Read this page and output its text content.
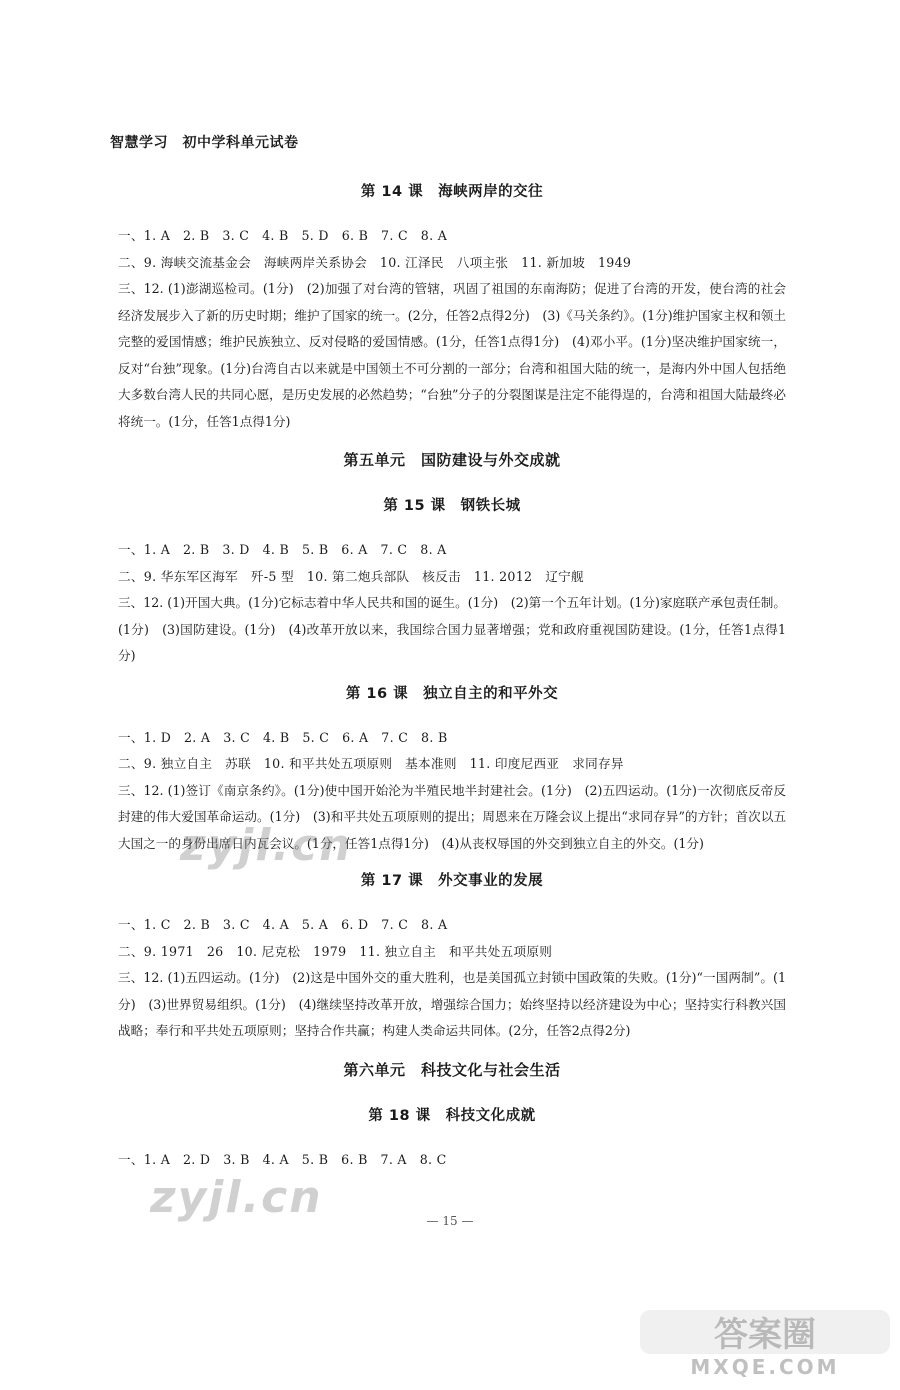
智慧学习　初中学科单元试卷
第 14 课　海峡两岸的交往

一、1. A　2. B　3. C　4. B　5. D　6. B　7. C　8. A

二、9. 海峡交流基金会　海峡两岸关系协会　10. 江泽民　八项主张　11. 新加坡　1949

三、12. (1)澎湖巡检司。(1分)　(2)加强了对台湾的管辖，巩固了祖国的东南海防；促进了台湾的开发，使台湾的社会经济发展步入了新的历史时期；维护了国家的统一。(2分，任答2点得2分)　(3)《马关条约》。(1分)维护国家主权和领土完整的爱国情感；维护民族独立、反对侵略的爱国情感。(1分，任答1点得1分)　(4)邓小平。(1分)坚决维护国家统一，反对“台独”现象。(1分)台湾自古以来就是中国领土不可分割的一部分；台湾和祖国大陆的统一，是海内外中国人包括绝大多数台湾人民的共同心愿，是历史发展的必然趋势；“台独”分子的分裂图谋是注定不能得逞的，台湾和祖国大陆最终必将统一。(1分，任答1点得1分)

第五单元　国防建设与外交成就
第 15 课　钢铁长城

一、1. A　2. B　3. D　4. B　5. B　6. A　7. C　8. A

二、9. 华东军区海军　歼-5 型　10. 第二炮兵部队　核反击　11. 2012　辽宁舰

三、12. (1)开国大典。(1分)它标志着中华人民共和国的诞生。(1分)　(2)第一个五年计划。(1分)家庭联产承包责任制。(1分)　(3)国防建设。(1分)　(4)改革开放以来，我国综合国力显著增强；党和政府重视国防建设。(1分，任答1点得1分)

第 16 课　独立自主的和平外交

一、1. D　2. A　3. C　4. B　5. C　6. A　7. C　8. B

二、9. 独立自主　苏联　10. 和平共处五项原则　基本准则　11. 印度尼西亚　求同存异

三、12. (1)签订《南京条约》。(1分)使中国开始沦为半殖民地半封建社会。(1分)　(2)五四运动。(1分)一次彻底反帝反封建的伟大爱国革命运动。(1分)　(3)和平共处五项原则的提出；周恩来在万隆会议上提出“求同存异”的方针；首次以五大国之一的身份出席日内瓦会议。(1分，任答1点得1分)　(4)从丧权辱国的外交到独立自主的外交。(1分)

第 17 课　外交事业的发展

一、1. C　2. B　3. C　4. A　5. A　6. D　7. C　8. A

二、9. 1971　26　10. 尼克松　1979　11. 独立自主　和平共处五项原则

三、12. (1)五四运动。(1分)　(2)这是中国外交的重大胜利，也是美国孤立封锁中国政策的失败。(1分)“一国两制”。(1分)　(3)世界贸易组织。(1分)　(4)继续坚持改革开放，增强综合国力；始终坚持以经济建设为中心；坚持实行科教兴国战略；奉行和平共处五项原则；坚持合作共赢；构建人类命运共同体。(2分，任答2点得2分)

第六单元　科技文化与社会生活
第 18 课　科技文化成就

一、1. A　2. D　3. B　4. A　5. B　6. B　7. A　8. C

— 15 —
zyjl.cn
zyjl.cn
答案圈
MXQE.COM
